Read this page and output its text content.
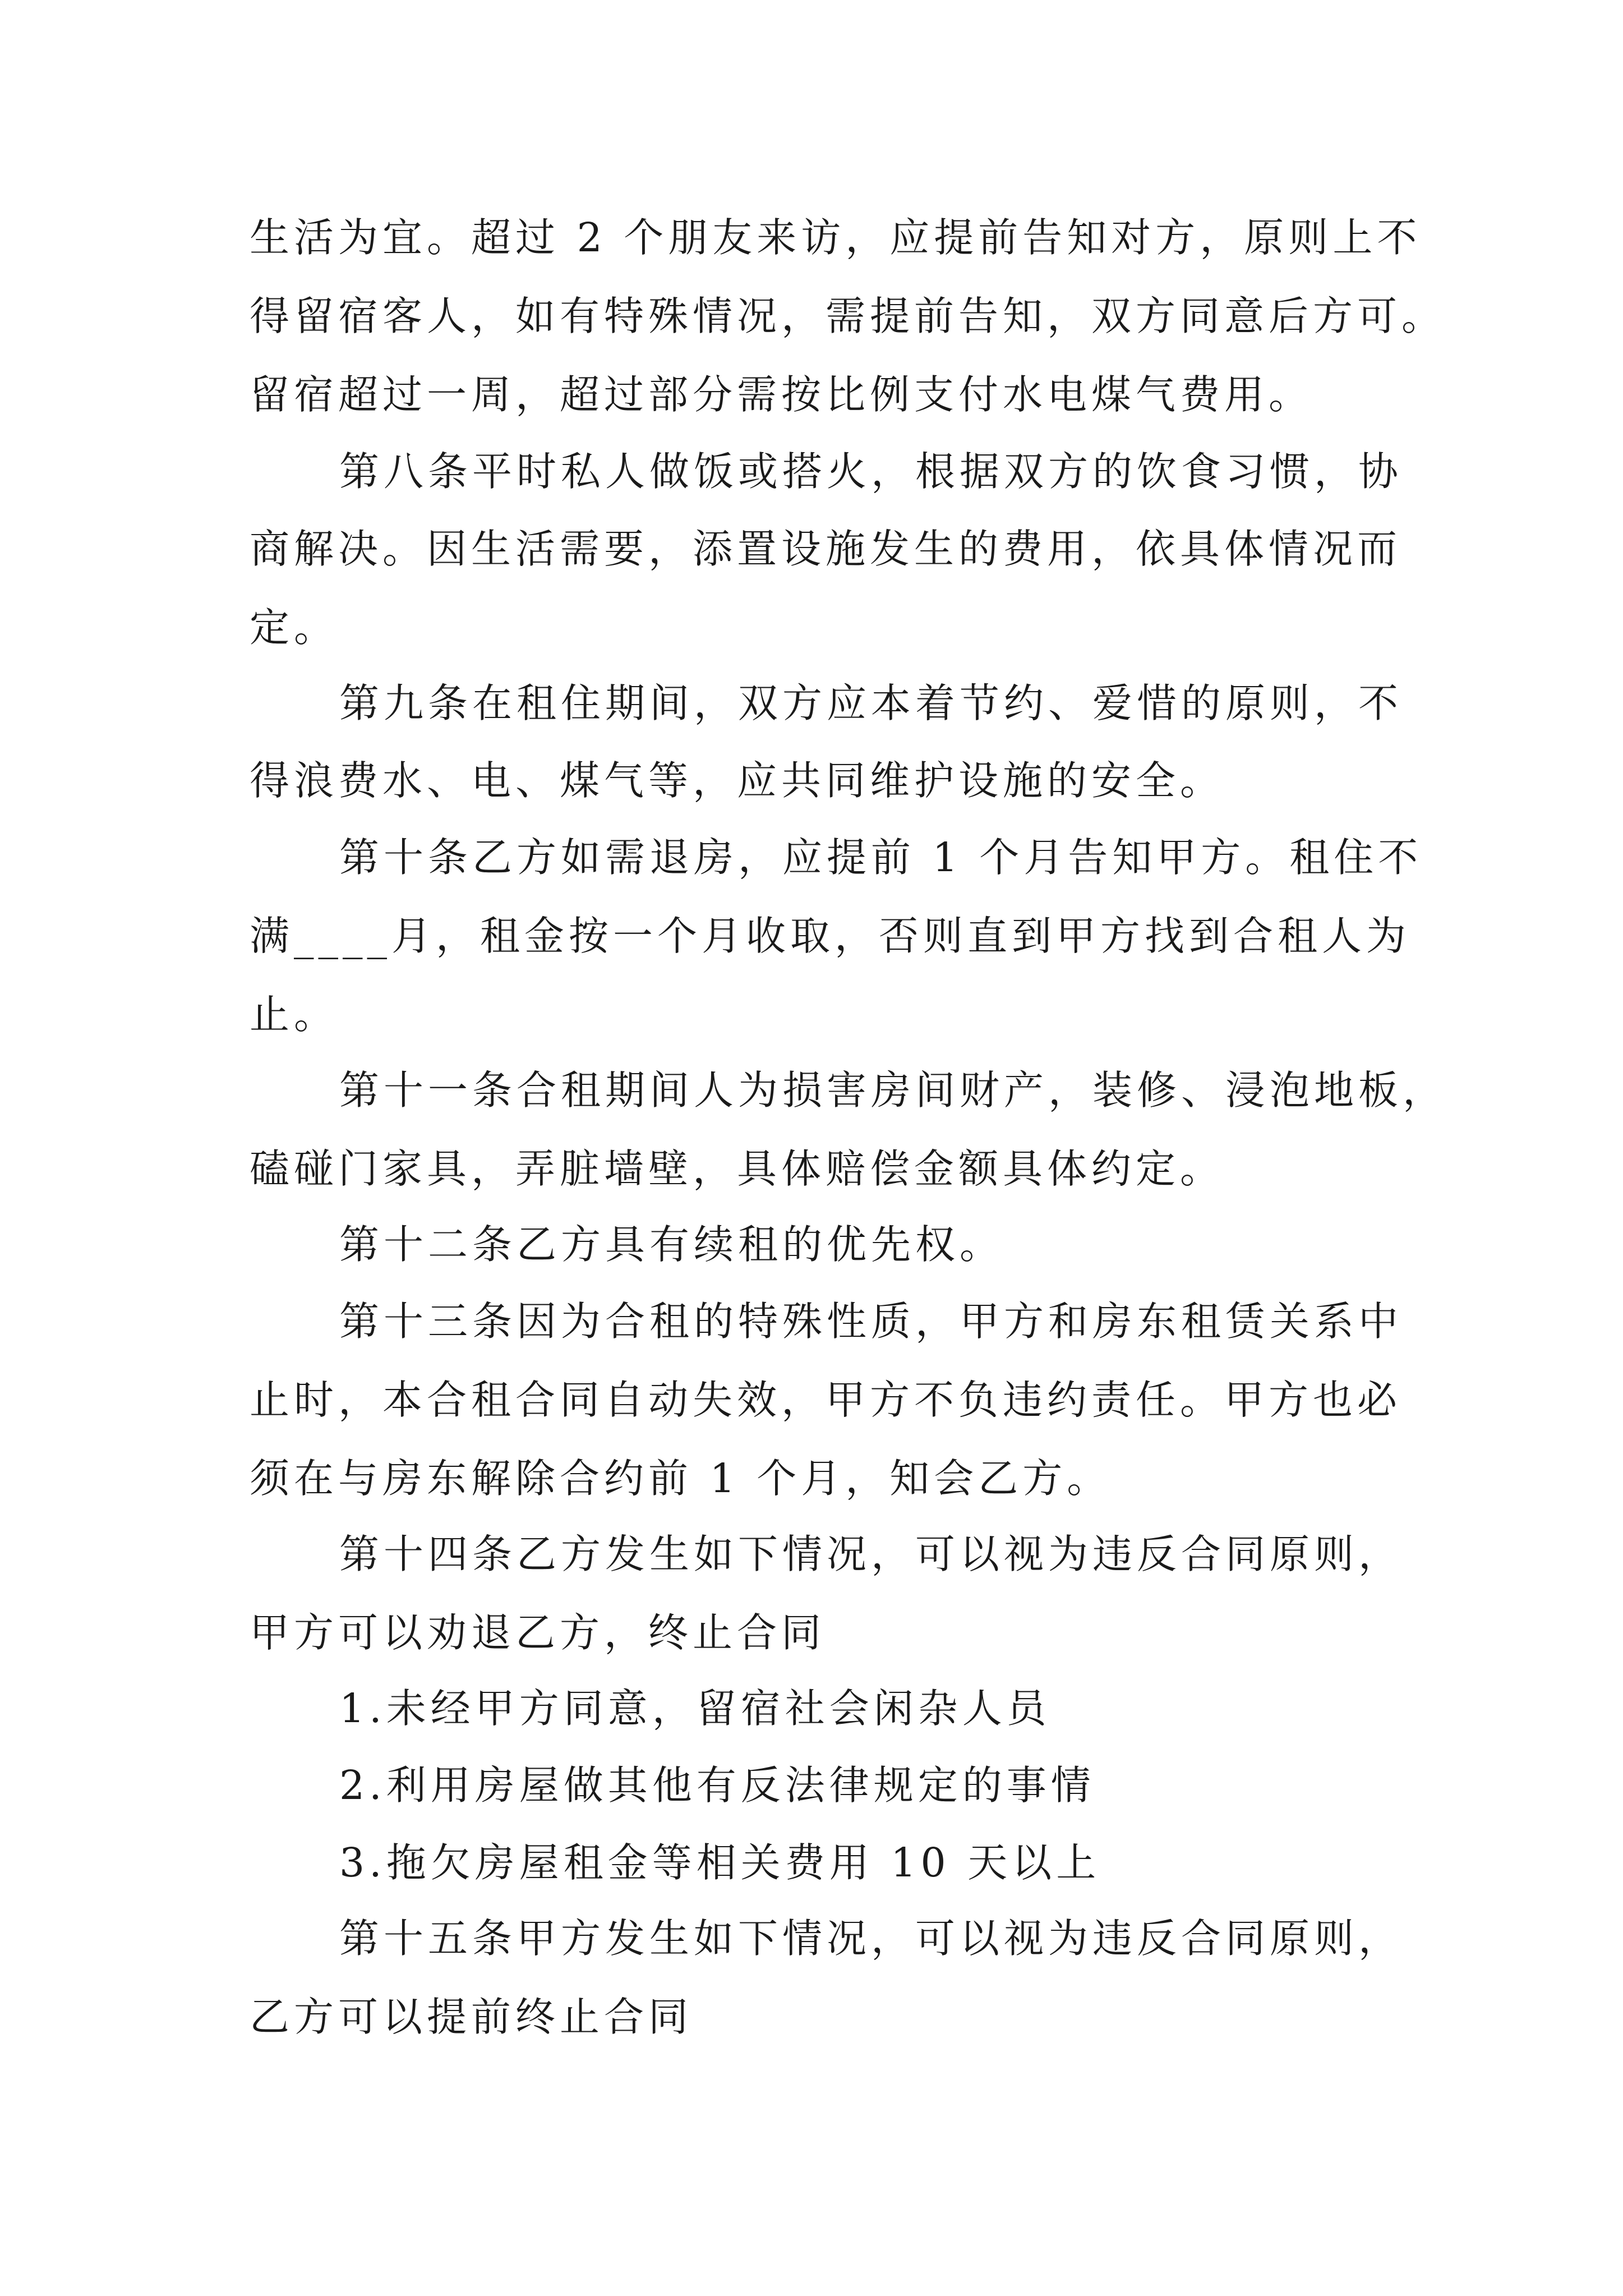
生活为宜。超过 2 个朋友来访，应提前告知对方，原则上不
得留宿客人，如有特殊情况，需提前告知，双方同意后方可。
留宿超过一周，超过部分需按比例支付水电煤气费用。
第八条平时私人做饭或搭火，根据双方的饮食习惯，协
商解决。因生活需要，添置设施发生的费用，依具体情况而
定。
第九条在租住期间，双方应本着节约、爱惜的原则，不
得浪费水、电、煤气等，应共同维护设施的安全。
第十条乙方如需退房，应提前 1 个月告知甲方。租住不
满____月，租金按一个月收取，否则直到甲方找到合租人为
止。
第十一条合租期间人为损害房间财产，装修、浸泡地板，
磕碰门家具，弄脏墙壁，具体赔偿金额具体约定。
第十二条乙方具有续租的优先权。
第十三条因为合租的特殊性质，甲方和房东租赁关系中
止时，本合租合同自动失效，甲方不负违约责任。甲方也必
须在与房东解除合约前 1 个月，知会乙方。
第十四条乙方发生如下情况，可以视为违反合同原则，
甲方可以劝退乙方，终止合同
1.未经甲方同意，留宿社会闲杂人员
2.利用房屋做其他有反法律规定的事情
3.拖欠房屋租金等相关费用 10 天以上
第十五条甲方发生如下情况，可以视为违反合同原则，
乙方可以提前终止合同
